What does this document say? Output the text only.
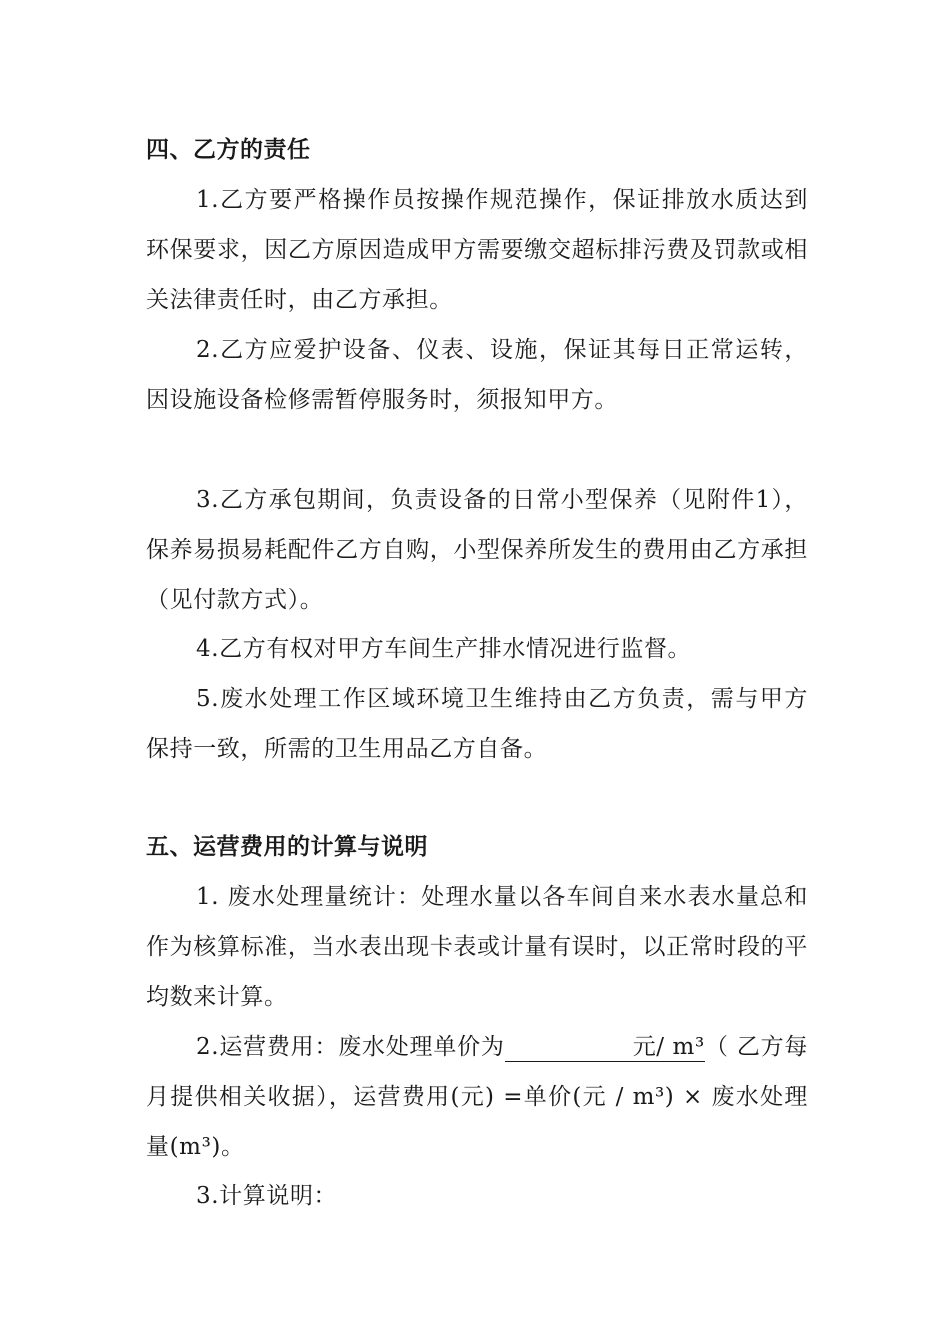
四、乙方的责任

1.乙方要严格操作员按操作规范操作，保证排放水质达到环保要求，因乙方原因造成甲方需要缴交超标排污费及罚款或相关法律责任时，由乙方承担。

2.乙方应爱护设备、仪表、设施，保证其每日正常运转，因设施设备检修需暂停服务时，须报知甲方。

3.乙方承包期间，负责设备的日常小型保养（见附件1），保养易损易耗配件乙方自购，小型保养所发生的费用由乙方承担（见付款方式）。

4.乙方有权对甲方车间生产排水情况进行监督。

5.废水处理工作区域环境卫生维持由乙方负责，需与甲方保持一致，所需的卫生用品乙方自备。

五、运营费用的计算与说明

1. 废水处理量统计：处理水量以各车间自来水表水量总和作为核算标准，当水表出现卡表或计量有误时，以正常时段的平均数来计算。

2.运营费用：废水处理单价为	元/ m³（ 乙方每月提供相关收据），运营费用(元) =单价(元 / m³) × 废水处理量(m³)。

3.计算说明：
